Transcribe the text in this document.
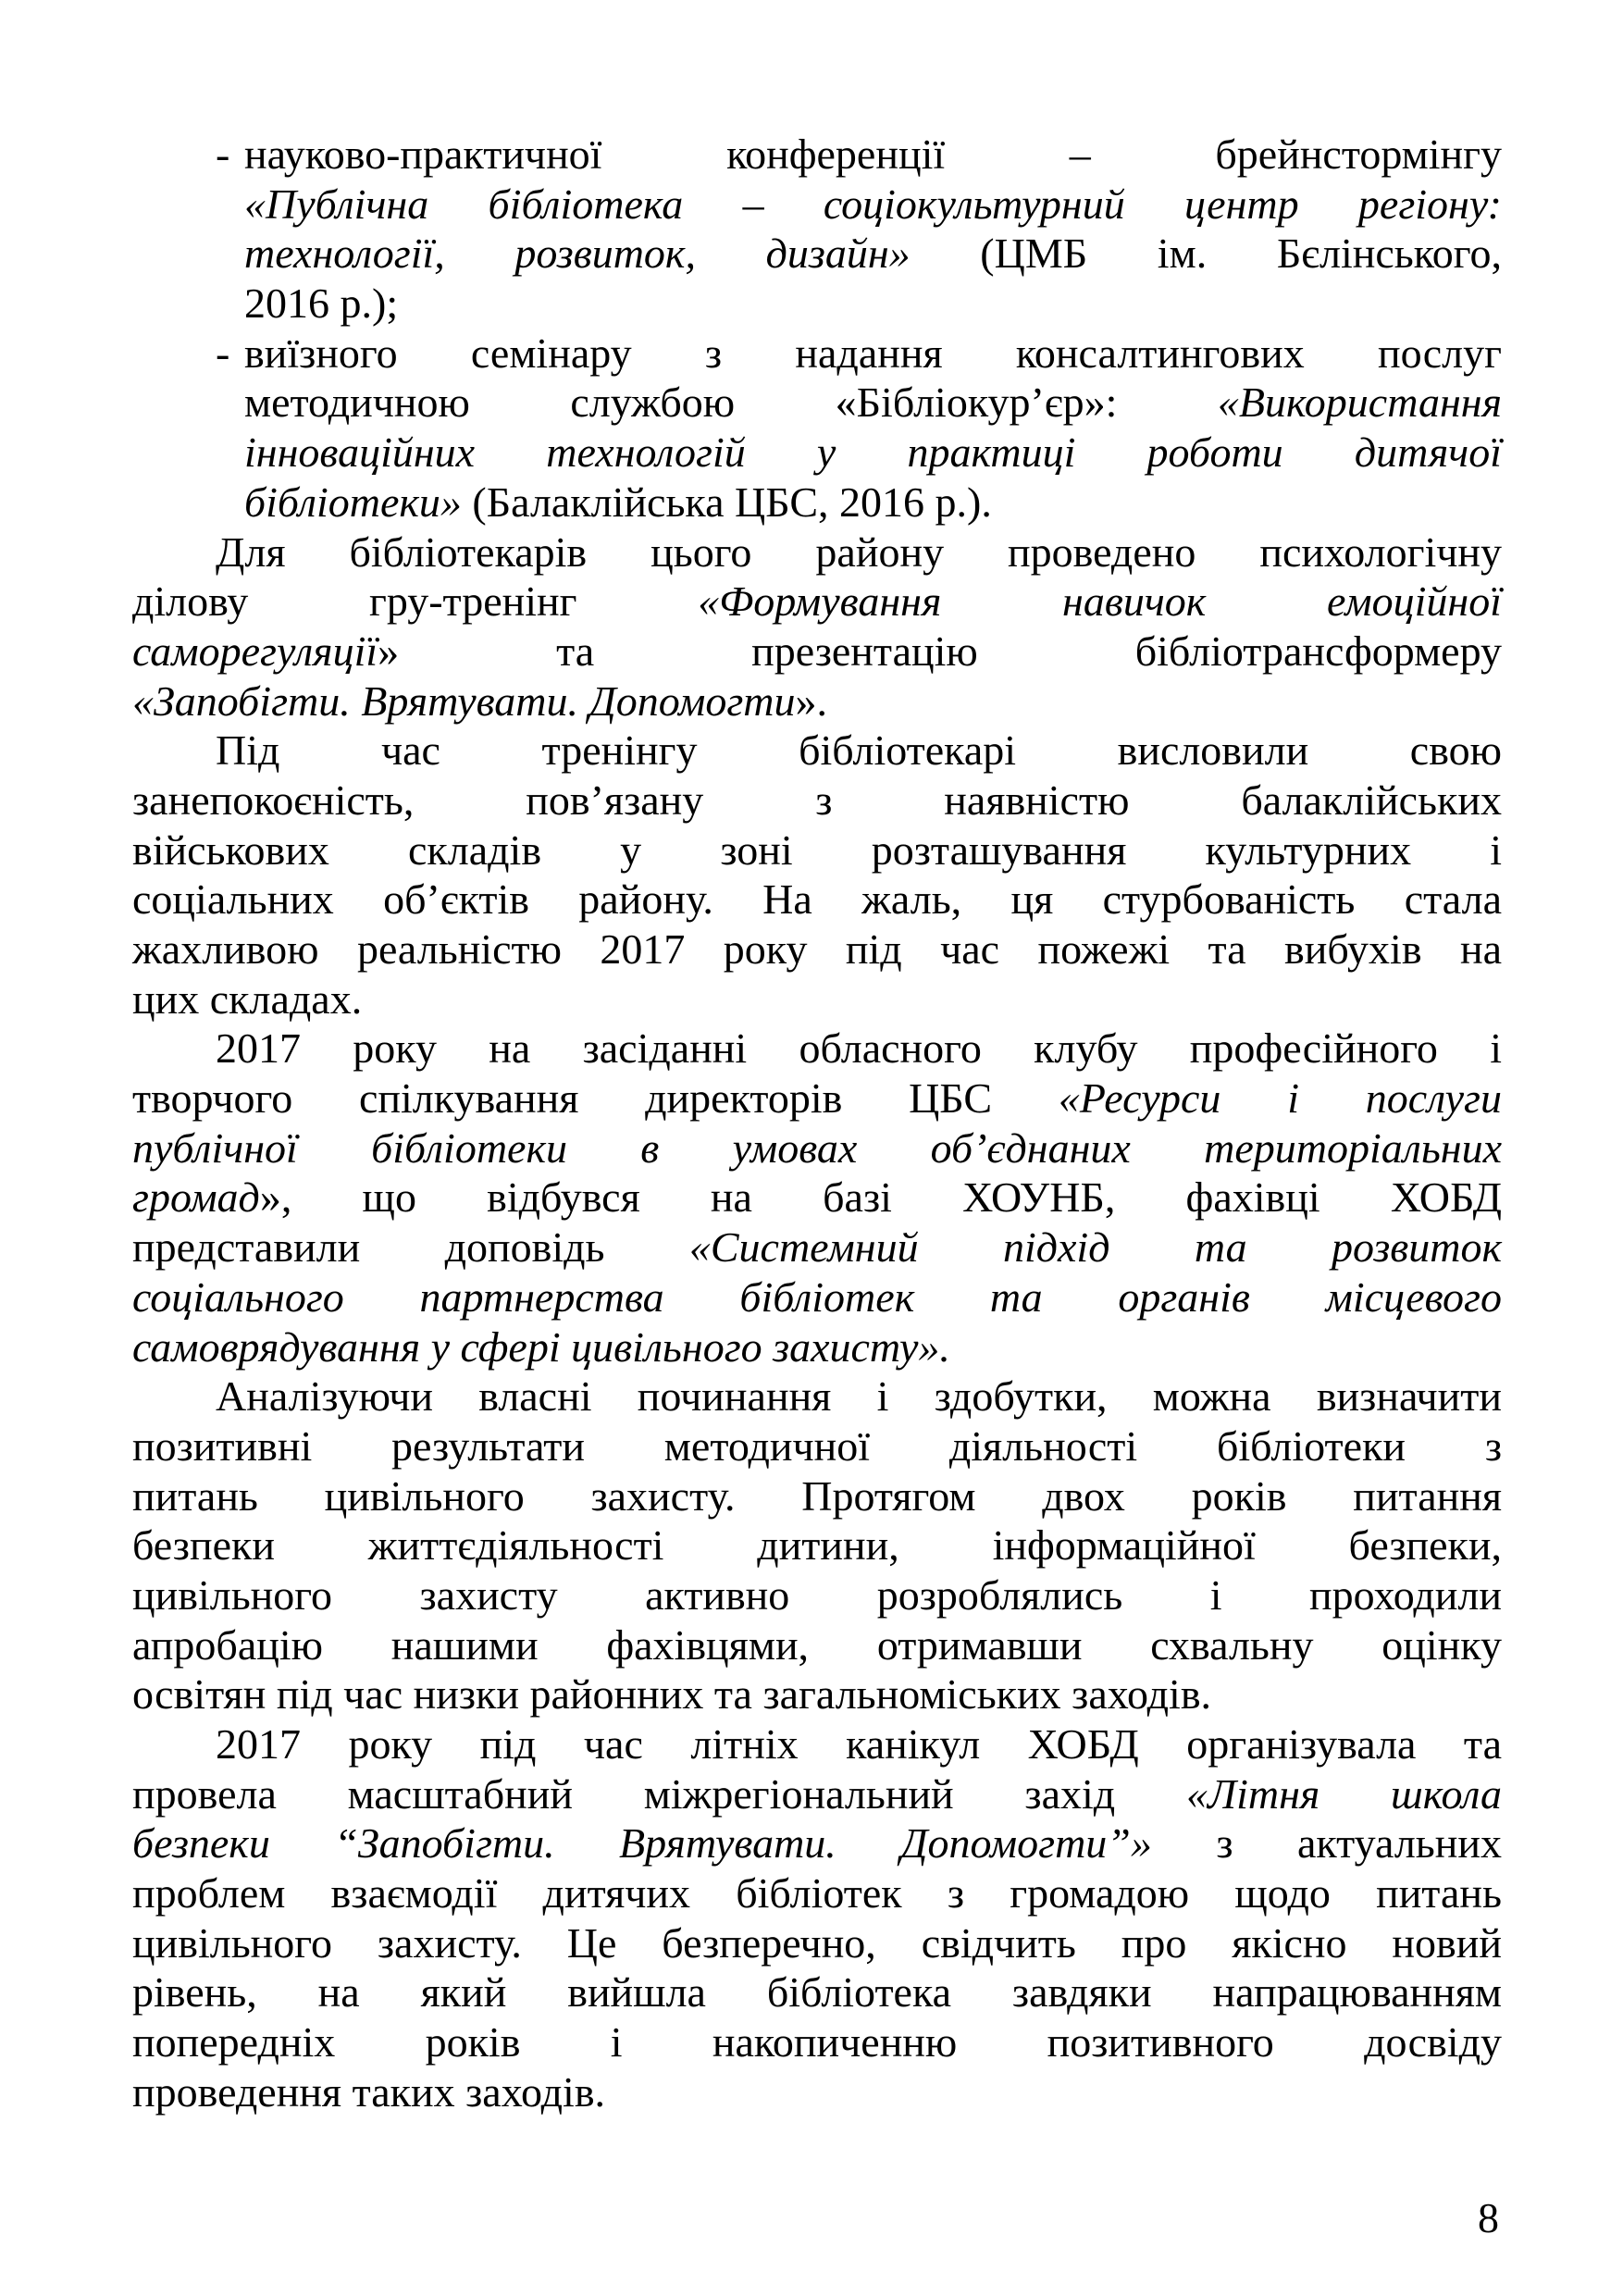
- науково-практичної	конференції	–	брейнстормінгу
«Публічна бібліотека – соціокультурний центр регіону:
технології, розвиток, дизайн» (ЦМБ ім. Бєлінського,
2016 р.);
- виїзного семінару з надання консалтингових послуг
методичною службою «Бібліокур’єр»: «Використання
інноваційних технологій у практиці роботи дитячої
бібліотеки» (Балаклійська ЦБС, 2016 р.).
Для бібліотекарів цього району проведено психологічну
ділову гру-тренінг «Формування навичок емоційної
саморегуляції» та презентацію бібліотрансформеру
«Запобігти. Врятувати. Допомогти».
Під час тренінгу бібліотекарі висловили свою
занепокоєність, пов’язану з наявністю балаклійських
військових складів у зоні розташування культурних і
соціальних об’єктів району. На жаль, ця стурбованість стала
жахливою реальністю 2017 року під час пожежі та вибухів на
цих складах.
2017 року на засіданні обласного клубу професійного і
творчого спілкування директорів ЦБС «Ресурси і послуги
публічної бібліотеки в умовах об’єднаних територіальних
громад», що відбувся на базі ХОУНБ, фахівці ХОБД
представили доповідь «Системний підхід та розвиток
соціального партнерства бібліотек та органів місцевого
самоврядування у сфері цивільного захисту».
Аналізуючи власні починання і здобутки, можна визначити
позитивні результати методичної діяльності бібліотеки з
питань цивільного захисту. Протягом двох років питання
безпеки життєдіяльності дитини, інформаційної безпеки,
цивільного захисту активно розроблялись і проходили
апробацію нашими фахівцями, отримавши схвальну оцінку
освітян під час низки районних та загальноміських заходів.
2017 року під час літніх канікул ХОБД організувала та
провела масштабний міжрегіональний захід «Літня школа
безпеки “Запобігти. Врятувати. Допомогти”» з актуальних
проблем взаємодії дитячих бібліотек з громадою щодо питань
цивільного захисту. Це безперечно, свідчить про якісно новий
рівень, на який вийшла бібліотека завдяки напрацюванням
попередніх років і накопиченню позитивного досвіду
проведення таких заходів.
8
